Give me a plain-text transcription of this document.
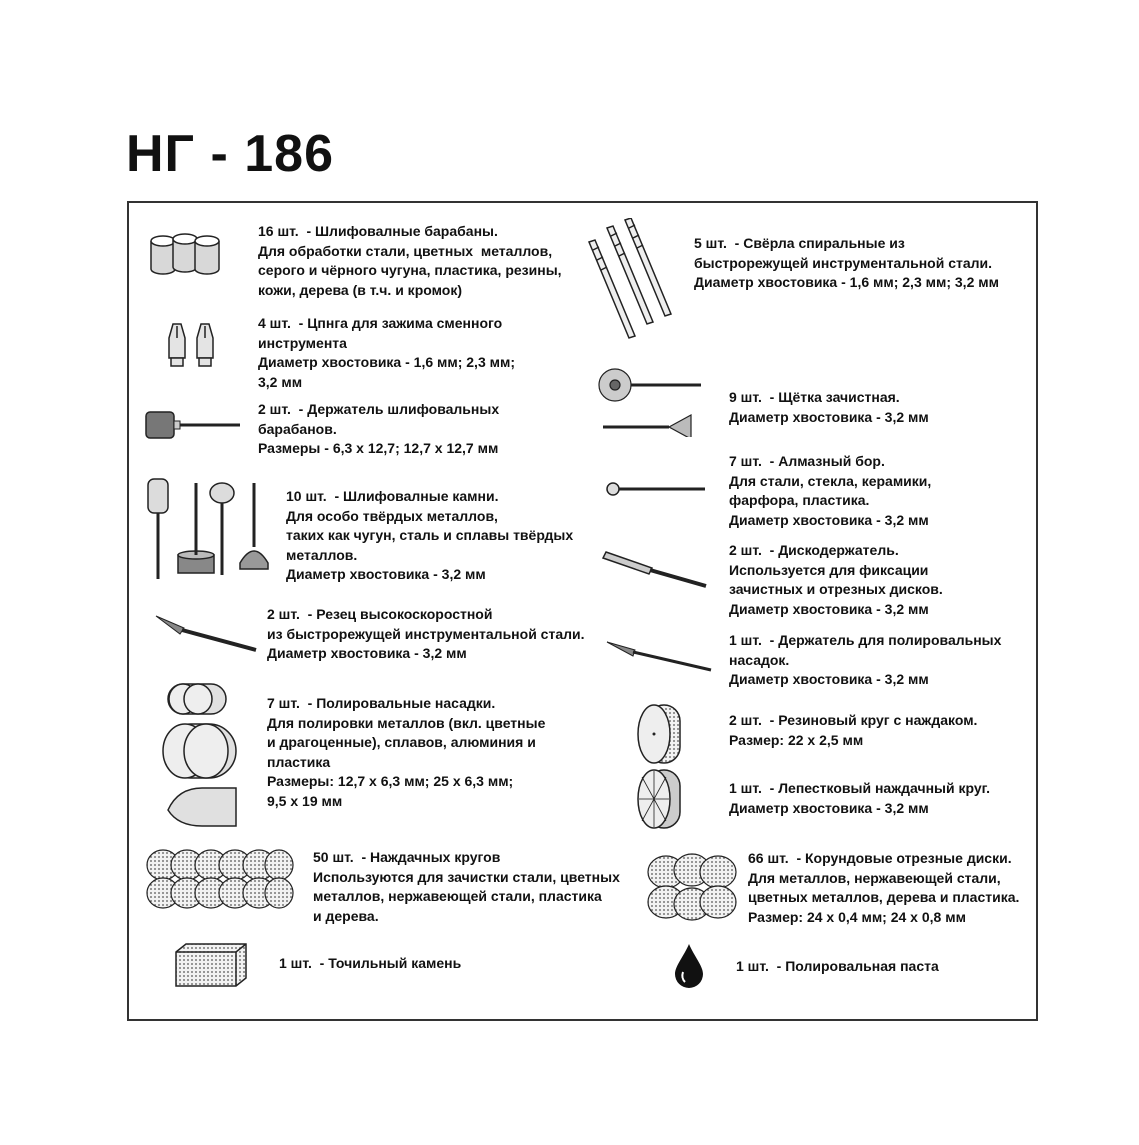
НГ - 186
16 шт. - Шлифовалные барабаны.
Для обработки стали, цветных  металлов,
серого и чёрного чугуна, пластика, резины,
кожи, дерева (в т.ч. и кромок)
4 шт. - Цпнга для зажима сменного
инструмента
Диаметр хвостовика - 1,6 мм; 2,3 мм;
3,2 мм
2 шт. - Держатель шлифовальных
барабанов.
Размеры - 6,3 х 12,7; 12,7 х 12,7 мм
10 шт. - Шлифовалные камни.
Для особо твёрдых металлов,
таких как чугун, сталь и сплавы твёрдых
металлов.
Диаметр хвостовика - 3,2 мм
2 шт. - Резец высокоскоростной
из быстрорежущей инструментальной стали.
Диаметр хвостовика - 3,2 мм
7 шт. - Полировальные насадки.
Для полировки металлов (вкл. цветные
и драгоценные), сплавов, алюминия и
пластика
Размеры: 12,7 х 6,3 мм; 25 х 6,3 мм;
9,5 х 19 мм
50 шт. - Наждачных кругов
Используются для зачистки стали, цветных
металлов, нержавеющей стали, пластика
и дерева.
1 шт. - Точильный камень
5 шт. - Свёрла спиральные из
быстрорежущей инструментальной стали.
Диаметр хвостовика - 1,6 мм; 2,3 мм; 3,2 мм
9 шт. - Щётка зачистная.
Диаметр хвостовика - 3,2 мм
7 шт. - Алмазный бор.
Для стали, стекла, керамики,
фарфора, пластика.
Диаметр хвостовика - 3,2 мм
2 шт. - Дискодержатель.
Используется для фиксации
зачистных и отрезных дисков.
Диаметр хвостовика - 3,2 мм
1 шт. - Держатель для полировальных
насадок.
Диаметр хвостовика - 3,2 мм
2 шт. - Резиновый круг с наждаком.
Размер: 22 х 2,5 мм
1 шт. - Лепестковый наждачный круг.
Диаметр хвостовика - 3,2 мм
66 шт. - Корундовые отрезные диски.
Для металлов, нержавеющей стали,
цветных металлов, дерева и пластика.
Размер: 24 х 0,4 мм; 24 х 0,8 мм
1 шт. - Полировальная паста
